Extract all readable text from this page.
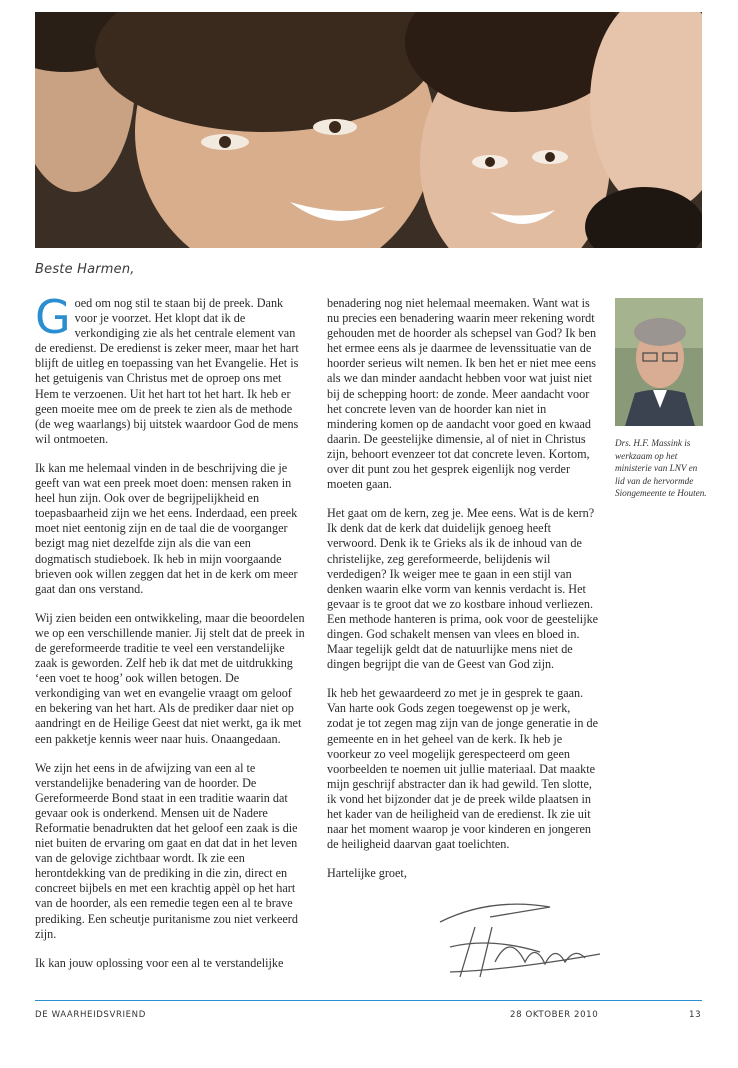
Beste Harmen,

Goed om nog stil te staan bij de preek. Dank voor je voorzet. Het klopt dat ik de verkondiging zie als het centrale element van de eredienst. De eredienst is zeker meer, maar het hart blijft de uitleg en toepassing van het Evangelie. Het is het getuigenis van Christus met de oproep ons met Hem te verzoenen. Uit het hart tot het hart. Ik heb er geen moeite mee om de preek te zien als de methode (de weg waarlangs) bij uitstek waardoor God de mens wil ontmoeten.

Ik kan me helemaal vinden in de beschrijving die je geeft van wat een preek moet doen: mensen raken in heel hun zijn. Ook over de begrijpelijkheid en toepasbaarheid zijn we het eens. Inderdaad, een preek moet niet eentonig zijn en de taal die de voorganger bezigt mag niet dezelfde zijn als die van een dogmatisch studieboek. Ik heb in mijn voorgaande brieven ook willen zeggen dat het in de kerk om meer gaat dan ons verstand.

Wij zien beiden een ontwikkeling, maar die beoordelen we op een verschillende manier. Jij stelt dat de preek in de gereformeerde traditie te veel een verstandelijke zaak is geworden. Zelf heb ik dat met de uitdrukking ‘een voet te hoog’ ook willen betogen. De verkondiging van wet en evangelie vraagt om geloof en bekering van het hart. Als de prediker daar niet op aandringt en de Heilige Geest dat niet werkt, ga ik met een pakketje kennis weer naar huis. Onaangedaan.

We zijn het eens in de afwijzing van een al te verstandelijke benadering van de hoorder. De Gereformeerde Bond staat in een traditie waarin dat gevaar ook is onderkend. Mensen uit de Nadere Reformatie benadrukten dat het geloof een zaak is die niet buiten de ervaring om gaat en dat dat in het leven van de gelovige zichtbaar wordt. Ik zie een herontdekking van de prediking in die zin, direct en concreet bijbels en met een krachtig appèl op het hart van de hoorder, als een remedie tegen een al te brave prediking. Een scheutje puritanisme zou niet verkeerd zijn.

Ik kan jouw oplossing voor een al te verstandelijke

benadering nog niet helemaal meemaken. Want wat is nu precies een benadering waarin meer rekening wordt gehouden met de hoorder als schepsel van God? Ik ben het ermee eens als je daarmee de levenssituatie van de hoorder serieus wilt nemen. Ik ben het er niet mee eens als we dan minder aandacht hebben voor wat juist niet bij de schepping hoort: de zonde. Meer aandacht voor het concrete leven van de hoorder kan niet in mindering komen op de aandacht voor goed en kwaad daarin. De geestelijke dimensie, al of niet in Christus zijn, behoort evenzeer tot dat concrete leven. Kortom, over dit punt zou het gesprek eigenlijk nog verder moeten gaan.

Het gaat om de kern, zeg je. Mee eens. Wat is de kern? Ik denk dat de kerk dat duidelijk genoeg heeft verwoord. Denk ik te Grieks als ik de inhoud van de christelijke, zeg gereformeerde, belijdenis wil verdedigen? Ik weiger mee te gaan in een stijl van denken waarin elke vorm van kennis verdacht is. Het gevaar is te groot dat we zo kostbare inhoud verliezen. Een methode hanteren is prima, ook voor de geestelijke dingen. God schakelt mensen van vlees en bloed in. Maar tegelijk geldt dat de natuurlijke mens niet de dingen begrijpt die van de Geest van God zijn.

Ik heb het gewaardeerd zo met je in gesprek te gaan. Van harte ook Gods zegen toegewenst op je werk, zodat je tot zegen mag zijn van de jonge generatie in de gemeente en in het geheel van de kerk. Ik heb je voorkeur zo veel mogelijk gerespecteerd om geen voorbeelden te noemen uit jullie materiaal. Dat maakte mijn geschrijf abstracter dan ik had gewild. Ten slotte, ik vond het bijzonder dat je de preek wilde plaatsen in het kader van de heiligheid van de eredienst. Ik zie uit naar het moment waarop je voor kinderen en jongeren de heiligheid daarvan gaat toelichten.

Hartelijke groet,

Drs. H.F. Massink is werkzaam op het ministerie van LNV en lid van de hervormde Siongemeente te Houten.
DE WAARHEIDSVRIEND	28 OKTOBER 2010	13
